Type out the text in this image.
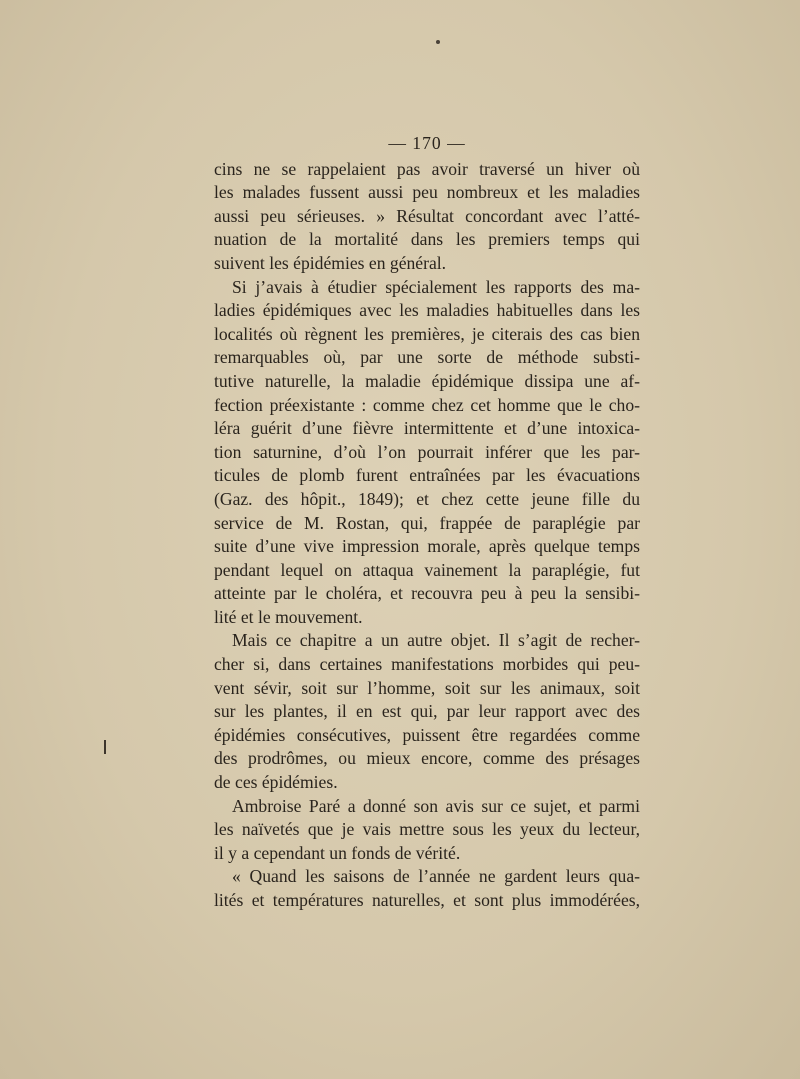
— 170 —
cins ne se rappelaient pas avoir traversé un hiver où
les malades fussent aussi peu nombreux et les maladies
aussi peu sérieuses. » Résultat concordant avec l’atté-
nuation de la mortalité dans les premiers temps qui
suivent les épidémies en général.
Si j’avais à étudier spécialement les rapports des ma-
ladies épidémiques avec les maladies habituelles dans les
localités où règnent les premières, je citerais des cas bien
remarquables où, par une sorte de méthode substi-
tutive naturelle, la maladie épidémique dissipa une af-
fection préexistante : comme chez cet homme que le cho-
léra guérit d’une fièvre intermittente et d’une intoxica-
tion saturnine, d’où l’on pourrait inférer que les par-
ticules de plomb furent entraînées par les évacuations
(Gaz. des hôpit., 1849); et chez cette jeune fille du
service de M. Rostan, qui, frappée de paraplégie par
suite d’une vive impression morale, après quelque temps
pendant lequel on attaqua vainement la paraplégie, fut
atteinte par le choléra, et recouvra peu à peu la sensibi-
lité et le mouvement.
Mais ce chapitre a un autre objet. Il s’agit de recher-
cher si, dans certaines manifestations morbides qui peu-
vent sévir, soit sur l’homme, soit sur les animaux, soit
sur les plantes, il en est qui, par leur rapport avec des
épidémies consécutives, puissent être regardées comme
des prodrômes, ou mieux encore, comme des présages
de ces épidémies.
Ambroise Paré a donné son avis sur ce sujet, et parmi
les naïvetés que je vais mettre sous les yeux du lecteur,
il y a cependant un fonds de vérité.
« Quand les saisons de l’année ne gardent leurs qua-
lités et températures naturelles, et sont plus immodérées,
